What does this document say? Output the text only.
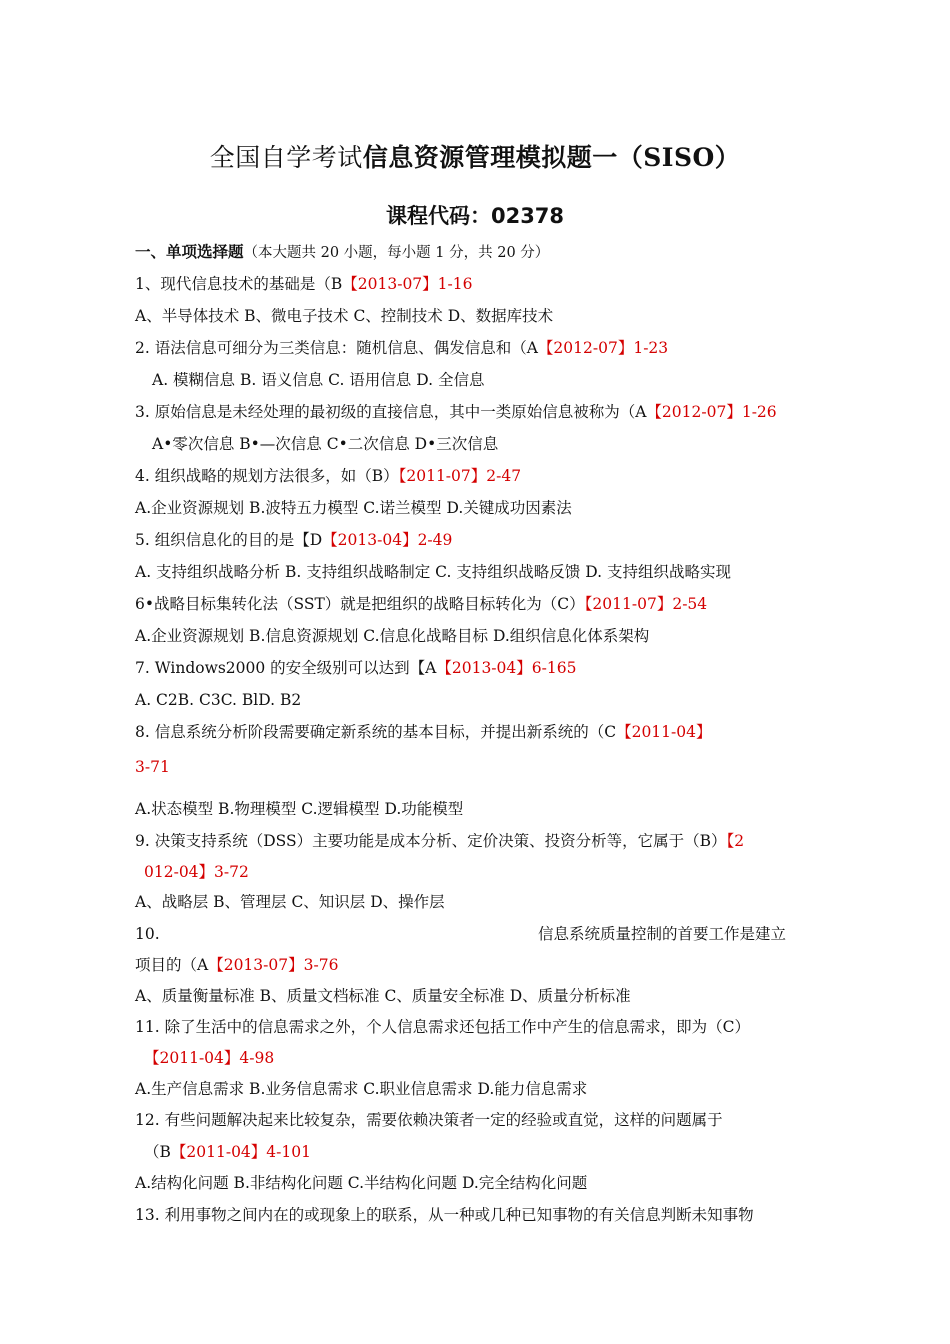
全国自学考试信息资源管理模拟题一（SISO）
课程代码：02378
一、单项选择题（本大题共 20 小题，每小题 1 分，共 20 分）
1、现代信息技术的基础是（B【2013-07】1-16
A、半导体技术 B、微电子技术 C、控制技术 D、数据库技术
2. 语法信息可细分为三类信息：随机信息、偶发信息和（A【2012-07】1-23
A. 模糊信息 B. 语义信息 C. 语用信息 D. 全信息
3. 原始信息是未经处理的最初级的直接信息，其中一类原始信息被称为（A【2012-07】1-26
A•零次信息 B•—次信息 C•二次信息 D•三次信息
4. 组织战略的规划方法很多，如（B）【2011-07】2-47
A.企业资源规划 B.波特五力模型 C.诺兰模型 D.关键成功因素法
5. 组织信息化的目的是【D【2013-04】2-49
A. 支持组织战略分析 B. 支持组织战略制定 C. 支持组织战略反馈 D. 支持组织战略实现
6•战略目标集转化法（SST）就是把组织的战略目标转化为（C）【2011-07】2-54
A.企业资源规划 B.信息资源规划 C.信息化战略目标 D.组织信息化体系架构
7. Windows2000 的安全级别可以达到【A【2013-04】6-165
A. C2B. C3C. BlD. B2
8. 信息系统分析阶段需要确定新系统的基本目标，并提出新系统的（C【2011-04】
3-71
A.状态模型 B.物理模型 C.逻辑模型 D.功能模型
9. 决策支持系统（DSS）主要功能是成本分析、定价决策、投资分析等，它属于（B）【2
012-04】3-72
A、战略层 B、管理层 C、知识层 D、操作层
10.	信息系统质量控制的首要工作是建立
项目的（A【2013-07】3-76
A、质量衡量标准 B、质量文档标准 C、质量安全标准 D、质量分析标准
11. 除了生活中的信息需求之外，个人信息需求还包括工作中产生的信息需求，即为（C）
【2011-04】4-98
A.生产信息需求 B.业务信息需求 C.职业信息需求 D.能力信息需求
12. 有些问题解决起来比较复杂，需要依赖决策者一定的经验或直觉，这样的问题属于
（B【2011-04】4-101
A.结构化问题 B.非结构化问题 C.半结构化问题 D.完全结构化问题
13. 利用事物之间内在的或现象上的联系，从一种或几种已知事物的有关信息判断未知事物
